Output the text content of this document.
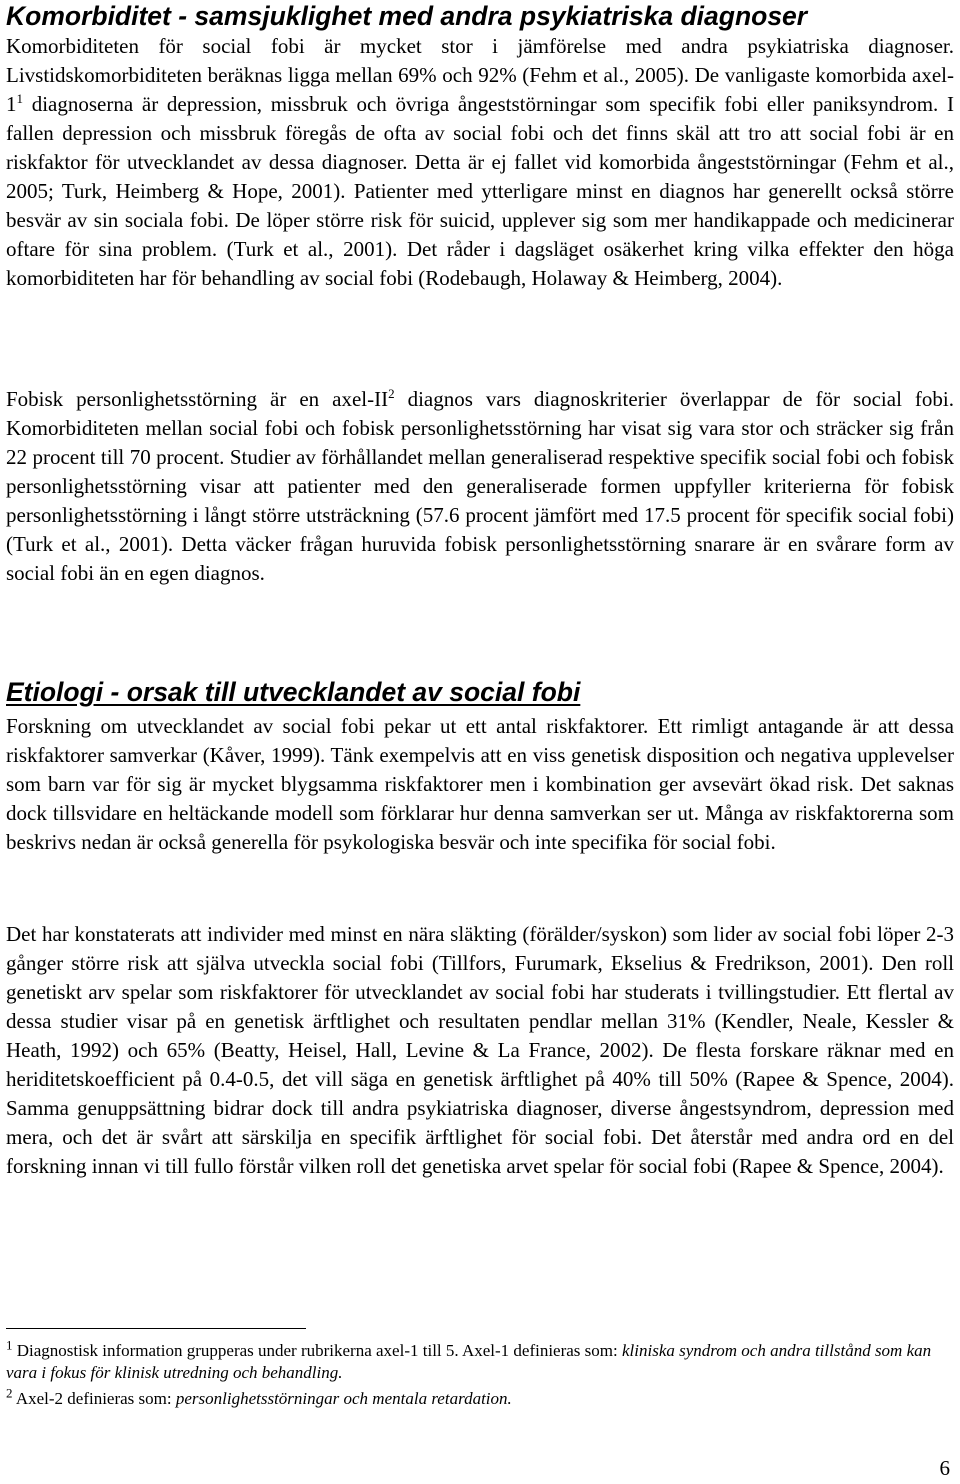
Komorbiditet - samsjuklighet med andra psykiatriska diagnoser

Komorbiditeten för social fobi är mycket stor i jämförelse med andra psykiatriska diagnoser. Livstidskomorbiditeten beräknas ligga mellan 69% och 92% (Fehm et al., 2005). De vanligaste komorbida axel-1$^1$ diagnoserna är depression, missbruk och övriga ångeststörningar som specifik fobi eller paniksyndrom. I fallen depression och missbruk föregås de ofta av social fobi och det finns skäl att tro att social fobi är en riskfaktor för utvecklandet av dessa diagnoser. Detta är ej fallet vid komorbida ångeststörningar (Fehm et al., 2005; Turk, Heimberg & Hope, 2001). Patienter med ytterligare minst en diagnos har generellt också större besvär av sin sociala fobi. De löper större risk för suicid, upplever sig som mer handikappade och medicinerar oftare för sina problem. (Turk et al., 2001). Det råder i dagsläget osäkerhet kring vilka effekter den höga komorbiditeten har för behandling av social fobi (Rodebaugh, Holaway & Heimberg, 2004).

Fobisk personlighetsstörning är en axel-II$^2$ diagnos vars diagnoskriterier överlappar de för social fobi. Komorbiditeten mellan social fobi och fobisk personlighetsstörning har visat sig vara stor och sträcker sig från 22 procent till 70 procent. Studier av förhållandet mellan generaliserad respektive specifik social fobi och fobisk personlighetsstörning visar att patienter med den generaliserade formen uppfyller kriterierna för fobisk personlighetsstörning i långt större utsträckning (57.6 procent jämfört med 17.5 procent för specifik social fobi) (Turk et al., 2001). Detta väcker frågan huruvida fobisk personlighetsstörning snarare är en svårare form av social fobi än en egen diagnos.

Etiologi - orsak till utvecklandet av social fobi

Forskning om utvecklandet av social fobi pekar ut ett antal riskfaktorer. Ett rimligt antagande är att dessa riskfaktorer samverkar (Kåver, 1999). Tänk exempelvis att en viss genetisk disposition och negativa upplevelser som barn var för sig är mycket blygsamma riskfaktorer men i kombination ger avsevärt ökad risk. Det saknas dock tillsvidare en heltäckande modell som förklarar hur denna samverkan ser ut. Många av riskfaktorerna som beskrivs nedan är också generella för psykologiska besvär och inte specifika för social fobi.

Det har konstaterats att individer med minst en nära släkting (förälder/syskon) som lider av social fobi löper 2-3 gånger större risk att själva utveckla social fobi (Tillfors, Furumark, Ekselius & Fredrikson, 2001). Den roll genetiskt arv spelar som riskfaktorer för utvecklandet av social fobi har studerats i tvillingstudier. Ett flertal av dessa studier visar på en genetisk ärftlighet och resultaten pendlar mellan 31% (Kendler, Neale, Kessler & Heath, 1992) och 65% (Beatty, Heisel, Hall, Levine & La France, 2002). De flesta forskare räknar med en heriditetskoefficient på 0.4-0.5, det vill säga en genetisk ärftlighet på 40% till 50% (Rapee & Spence, 2004). Samma genuppsättning bidrar dock till andra psykiatriska diagnoser, diverse ångestsyndrom, depression med mera, och det är svårt att särskilja en specifik ärftlighet för social fobi. Det återstår med andra ord en del forskning innan vi till fullo förstår vilken roll det genetiska arvet spelar för social fobi (Rapee & Spence, 2004).

$^1$ Diagnostisk information grupperas under rubrikerna axel-1 till 5. Axel-1 definieras som: kliniska syndrom och andra tillstånd som kan vara i fokus för klinisk utredning och behandling.

$^2$ Axel-2 definieras som: personlighetsstörningar och mentala retardation.

6
